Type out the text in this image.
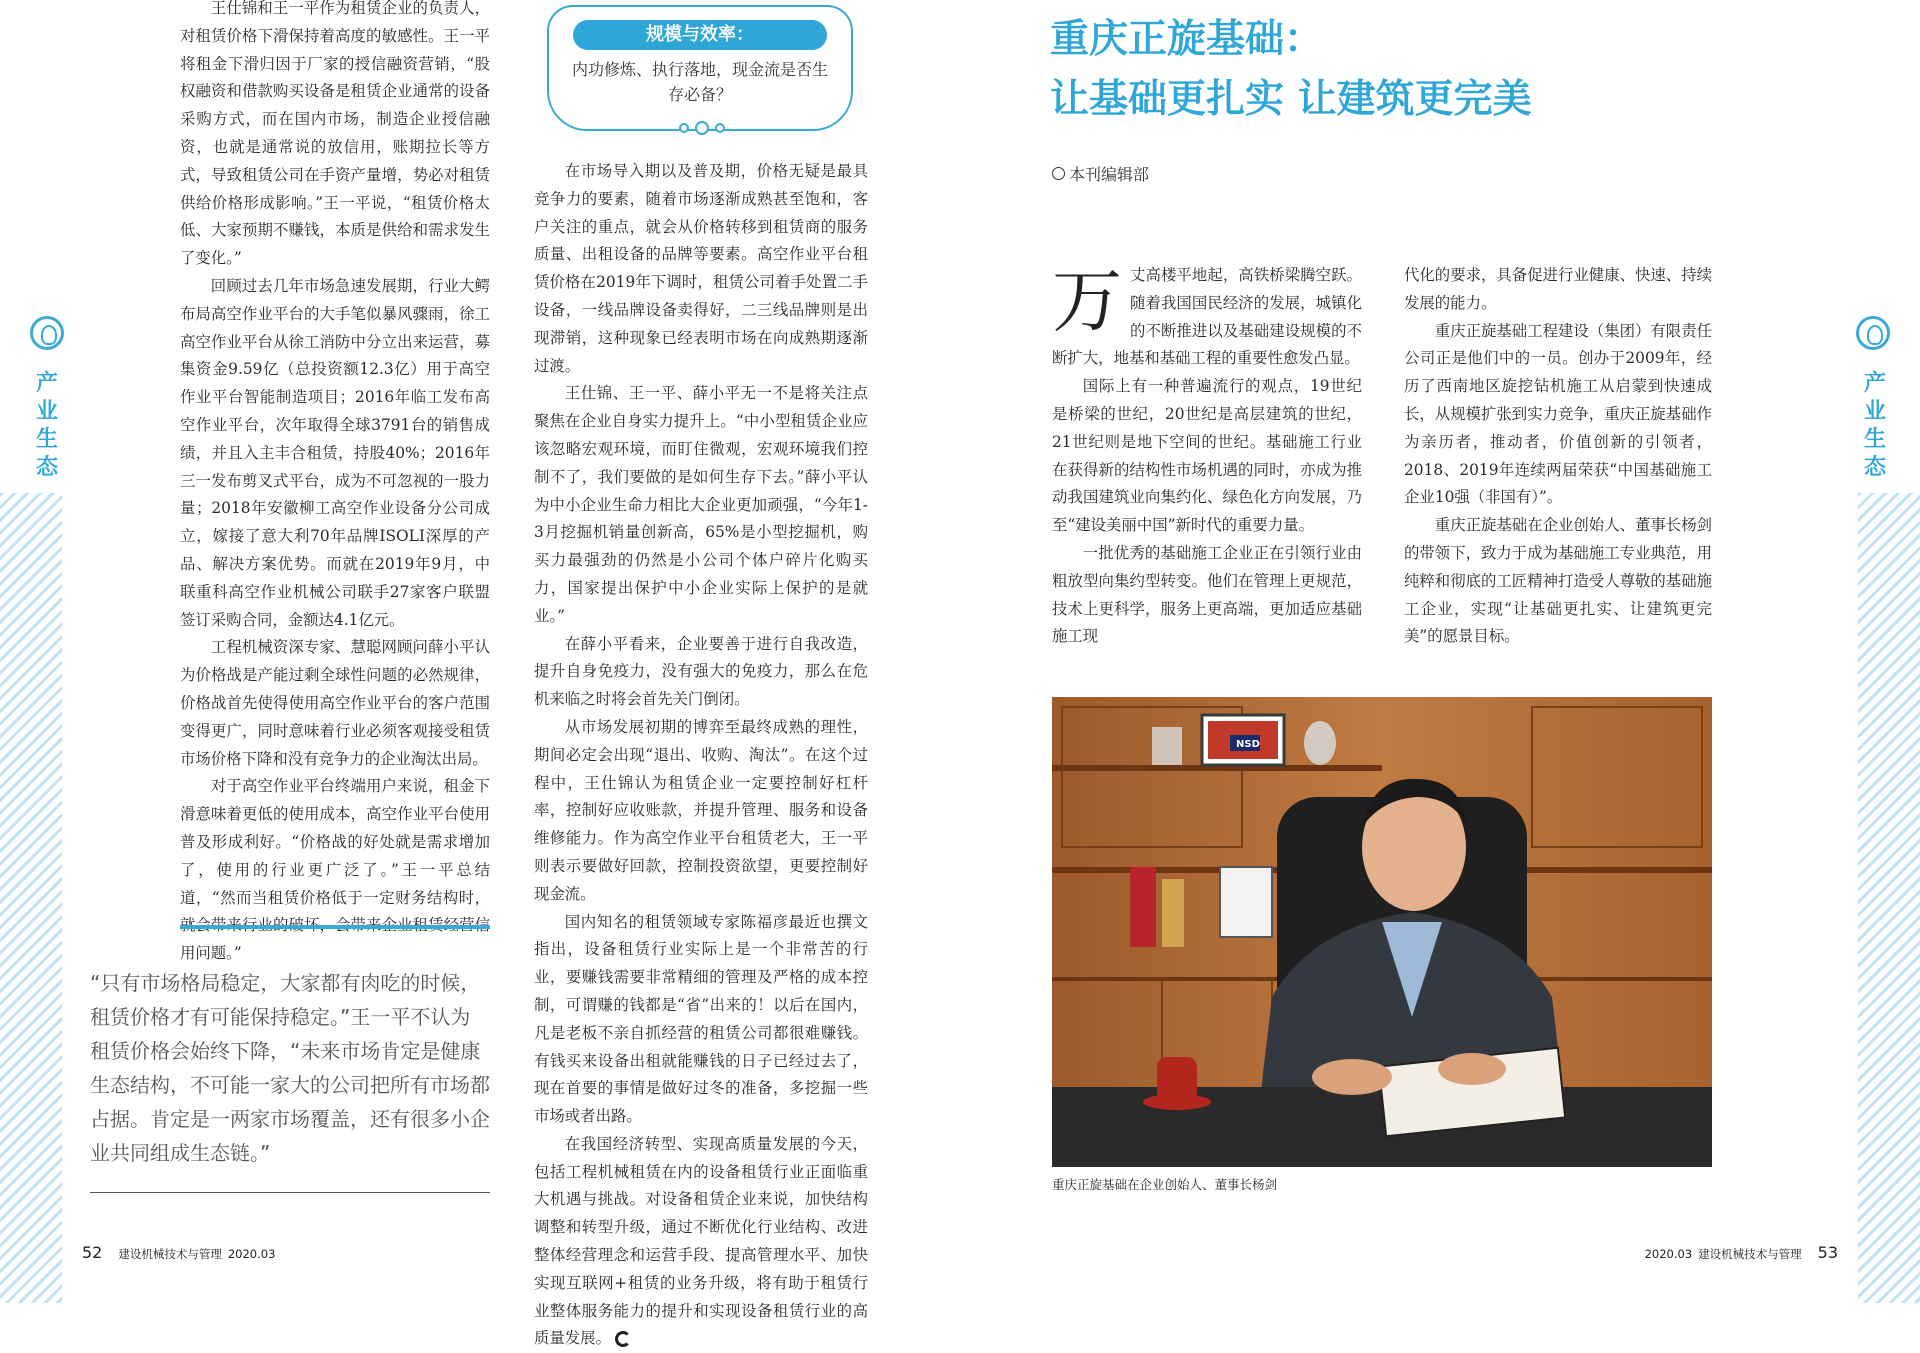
产业生态
产业生态

王仕锦和王一平作为租赁企业的负责人，对租赁价格下滑保持着高度的敏感性。王一平将租金下滑归因于厂家的授信融资营销，“股权融资和借款购买设备是租赁企业通常的设备采购方式，而在国内市场，制造企业授信融资，也就是通常说的放信用，账期拉长等方式，导致租赁公司在手资产量增，势必对租赁供给价格形成影响。”王一平说，“租赁价格太低、大家预期不赚钱，本质是供给和需求发生了变化。”

回顾过去几年市场急速发展期，行业大鳄布局高空作业平台的大手笔似暴风骤雨，徐工高空作业平台从徐工消防中分立出来运营，募集资金9.59亿（总投资额12.3亿）用于高空作业平台智能制造项目；2016年临工发布高空作业平台，次年取得全球3791台的销售成绩，并且入主丰合租赁，持股40%；2016年三一发布剪叉式平台，成为不可忽视的一股力量；2018年安徽柳工高空作业设备分公司成立，嫁接了意大利70年品牌ISOLI深厚的产品、解决方案优势。而就在2019年9月，中联重科高空作业机械公司联手27家客户联盟签订采购合同，金额达4.1亿元。

工程机械资深专家、慧聪网顾问薛小平认为价格战是产能过剩全球性问题的必然规律，价格战首先使得使用高空作业平台的客户范围变得更广，同时意味着行业必须客观接受租赁市场价格下降和没有竞争力的企业淘汰出局。

对于高空作业平台终端用户来说，租金下滑意味着更低的使用成本，高空作业平台使用普及形成利好。“价格战的好处就是需求增加了，使用的行业更广泛了。”王一平总结道，“然而当租赁价格低于一定财务结构时， 用问题。”

“只有市场格局稳定，大家都有肉吃的时候，租赁价格才有可能保持稳定。”王一平不认为租赁价格会始终下降，“未来市场肯定是健康生态结构，不可能一家大的公司把所有市场都占据。肯定是一两家市场覆盖，还有很多小企业共同组成生态链。”

规模与效率：
内功修炼、执行落地，现金流是否生存必备？

在市场导入期以及普及期，价格无疑是最具竞争力的要素，随着市场逐渐成熟甚至饱和，客户关注的重点，就会从价格转移到租赁商的服务质量、出租设备的品牌等要素。高空作业平台租赁价格在2019年下调时，租赁公司着手处置二手设备，一线品牌设备卖得好，二三线品牌则是出现滞销，这种现象已经表明市场在向成熟期逐渐过渡。

王仕锦、王一平、薛小平无一不是将关注点聚焦在企业自身实力提升上。“中小型租赁企业应该忽略宏观环境，而盯住微观，宏观环境我们控制不了，我们要做的是如何生存下去。”薛小平认为中小企业生命力相比大企业更加顽强，“今年1-3月挖掘机销量创新高，65%是小型挖掘机，购买力最强劲的仍然是小公司个体户碎片化购买力，国家提出保护中小企业实际上保护的是就业。”

在薛小平看来，企业要善于进行自我改造，提升自身免疫力，没有强大的免疫力，那么在危机来临之时将会首先关门倒闭。

从市场发展初期的博弈至最终成熟的理性，期间必定会出现“退出、收购、淘汰”。在这个过程中，王仕锦认为租赁企业一定要控制好杠杆率，控制好应收账款，并提升管理、服务和设备维修能力。作为高空作业平台租赁老大，王一平则表示要做好回款，控制投资欲望，更要控制好现金流。

国内知名的租赁领域专家陈福彦最近也撰文指出，设备租赁行业实际上是一个非常苦的行业，要赚钱需要非常精细的管理及严格的成本控制，可谓赚的钱都是“省”出来的！以后在国内，凡是老板不亲自抓经营的租赁公司都很难赚钱。有钱买来设备出租就能赚钱的日子已经过去了，现在首要的事情是做好过冬的准备，多挖掘一些市场或者出路。

在我国经济转型、实现高质量发展的今天，包括工程机械租赁在内的设备租赁行业正面临重大机遇与挑战。对设备租赁企业来说，加快结构调整和转型升级，通过不断优化行业结构、改进整体经营理念和运营手段、提高管理水平、加快实现互联网+租赁的业务升级，将有助于租赁行业整体服务能力的提升和实现设备租赁行业的高质量发展。

重庆正旋基础：
让基础更扎实 让建筑更完美
本刊编辑部

万丈高楼平地起，高铁桥梁腾空跃。随着我国国民经济的发展，城镇化的不断推进以及基础建设规模的不断扩大，地基和基础工程的重要性愈发凸显。

国际上有一种普遍流行的观点，19世纪是桥梁的世纪，20世纪是高层建筑的世纪，21世纪则是地下空间的世纪。基础施工行业在获得新的结构性市场机遇的同时，亦成为推动我国建筑业向集约化、绿色化方向发展，乃至“建设美丽中国”新时代的重要力量。

一批优秀的基础施工企业正在引领行业由粗放型向集约型转变。他们在管理上更规范，技术上更科学，服务上更高端，更加适应基础施工现

代化的要求，具备促进行业健康、快速、持续发展的能力。

重庆正旋基础工程建设（集团）有限责任公司正是他们中的一员。创办于2009年，经历了西南地区旋挖钻机施工从启蒙到快速成长，从规模扩张到实力竞争，重庆正旋基础作为亲历者，推动者，价值创新的引领者，2018、2019年连续两届荣获“中国基础施工企业10强（非国有）”。

重庆正旋基础在企业创始人、董事长杨剑的带领下，致力于成为基础施工专业典范，用纯粹和彻底的工匠精神打造受人尊敬的基础施工企业，实现“让基础更扎实、让建筑更完美”的愿景目标。

NSD
重庆正旋基础在企业创始人、董事长杨剑
52 建设机械技术与管理 2020.03	2020.03 建设机械技术与管理 53
